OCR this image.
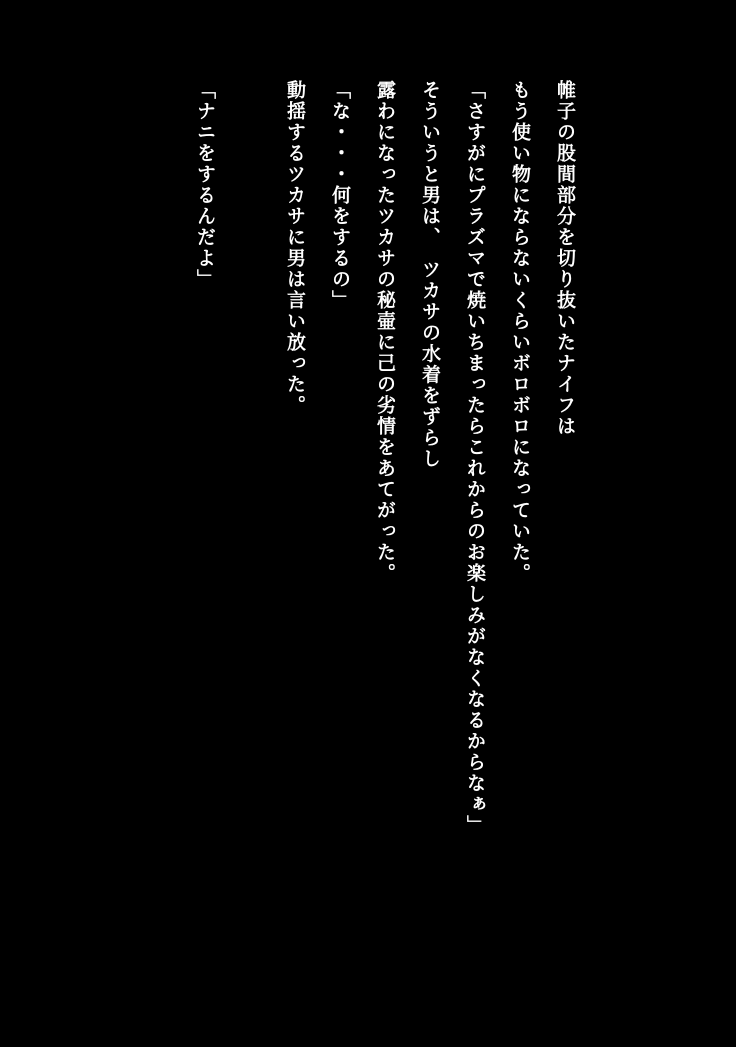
帷子の股間部分を切り抜いたナイフは
もう使い物にならないくらいボロボロになっていた。
「さすがにプラズマで焼いちまったらこれからのお楽しみがなくなるからなぁ」
そういうと男は、　ツカサの水着をずらし
露わになったツカサの秘壷に己の劣情をあてがった。
「な・・・何をするの」
動揺するツカサに男は言い放った。
「ナニをするんだよ」
